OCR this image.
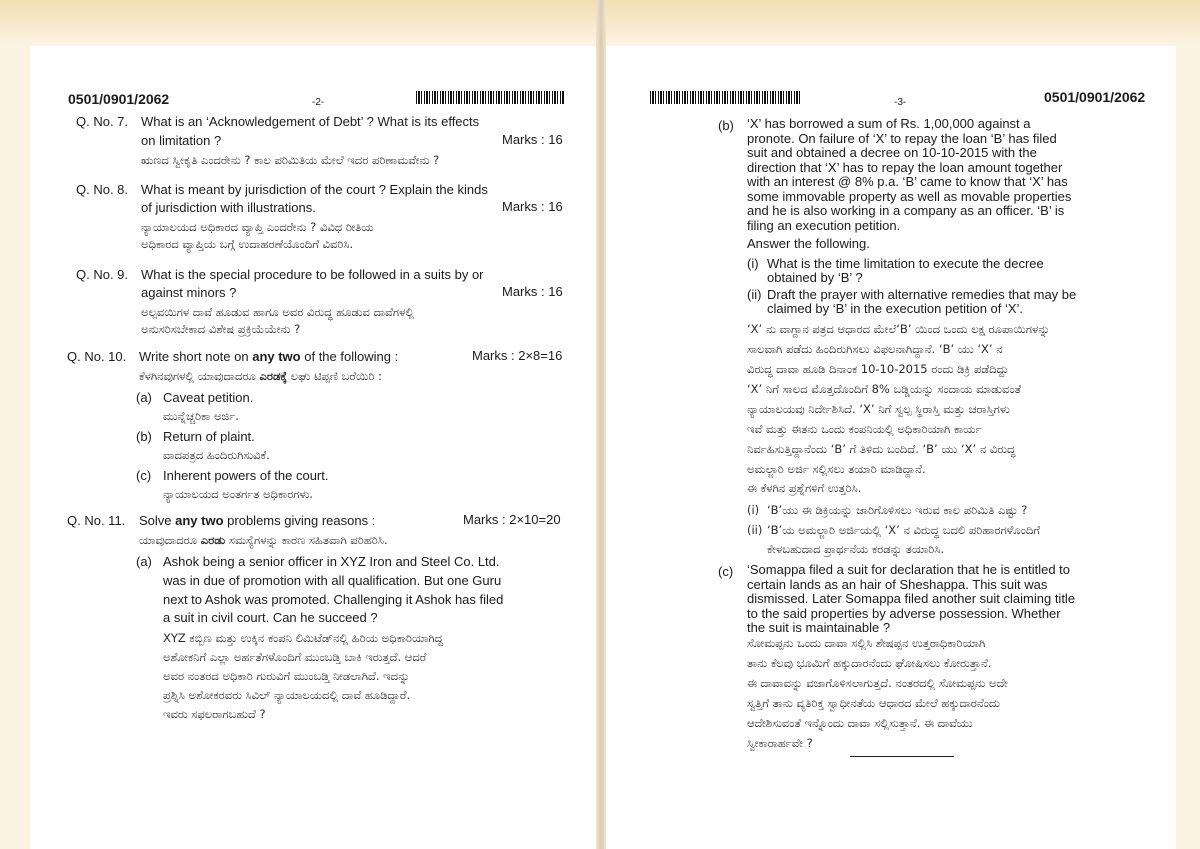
0501/0901/2062	-2-
Q. No. 7. What is an ‘Acknowledgement of Debt’ ? What is its effects
on limitation ?	Marks : 16
ಋಣದ ಸ್ವೀಕೃತಿ ಎಂದರೇನು ? ಕಾಲ ಪರಿಮಿತಿಯ ಮೇಲೆ ಇದರ ಪರಿಣಾಮವೇನು ?
Q. No. 8. What is meant by jurisdiction of the court ? Explain the kinds
of jurisdiction with illustrations.	Marks : 16
ನ್ಯಾಯಾಲಯದ ಅಧಿಕಾರದ ವ್ಯಾಪ್ತಿ ಎಂದರೇನು ? ವಿವಿಧ ರೀತಿಯ
ಅಧಿಕಾರದ ವ್ಯಾಪ್ತಿಯ ಬಗ್ಗೆ ಉದಾಹರಣೆಯೊಂದಿಗೆ ವಿವರಿಸಿ.
Q. No. 9. What is the special procedure to be followed in a suits by or
against minors ?	Marks : 16
ಅಲ್ಪವಯಿಗಳ ದಾವೆ ಹೂಡುವ ಹಾಗೂ ಅವರ ವಿರುದ್ಧ ಹೂಡುವ ದಾವೆಗಳಲ್ಲಿ
ಅನುಸರಿಸಬೇಕಾದ ವಿಶೇಷ ಪ್ರಕ್ರಿಯೆಯೇನು ?
Q. No. 10. Write short note on any two of the following :	Marks : 2×8=16
ಕೆಳಗಿನವುಗಳಲ್ಲಿ ಯಾವುದಾದರೂ ಎರಡಕ್ಕೆ ಲಘು ಟಿಪ್ಪಣಿ ಬರೆಯಿರಿ :
(a) Caveat petition.
ಮುನ್ನೆಚ್ಚರಿಕಾ ಅರ್ಜಿ.
(b) Return of plaint.
ವಾದಪತ್ರದ ಹಿಂದಿರುಗಿಸುವಿಕೆ.
(c) Inherent powers of the court.
ನ್ಯಾಯಾಲಯದ ಅಂತರ್ಗತ ಅಧಿಕಾರಗಳು.
Q. No. 11. Solve any two problems giving reasons :	Marks : 2×10=20
ಯಾವುದಾದರೂ ಎರಡು ಸಮಸ್ಯೆಗಳನ್ನು ಕಾರಣ ಸಹಿತವಾಗಿ ಪರಿಹರಿಸಿ.
(a) Ashok being a senior officer in XYZ Iron and Steel Co. Ltd.
was in due of promotion with all qualification. But one Guru
next to Ashok was promoted. Challenging it Ashok has filed
a suit in civil court. Can he succeed ?
XYZ ಕಬ್ಬಿಣ ಮತ್ತು ಉಕ್ಕಿನ ಕಂಪನಿ ಲಿಮಿಟೆಡ್‌ನಲ್ಲಿ ಹಿರಿಯ ಅಧಿಕಾರಿಯಾಗಿದ್ದ
ಅಶೋಕನಿಗೆ ಎಲ್ಲಾ ಅರ್ಹತೆಗಳೊಂದಿಗೆ ಮುಂಬಡ್ತಿ ಬಾಕಿ ಇರುತ್ತದೆ. ಆದರೆ
ಅವರ ನಂತರದ ಅಧಿಕಾರಿ ಗುರುವಿಗೆ ಮುಂಬಡ್ತಿ ನೀಡಲಾಗಿದೆ. ಇದನ್ನು
ಪ್ರಶ್ನಿಸಿ ಅಶೋಕರವರು ಸಿವಿಲ್ ನ್ಯಾಯಾಲಯದಲ್ಲಿ ದಾವೆ ಹೂಡಿದ್ದಾರೆ.
ಇವರು ಸಫಲರಾಗಬಹುದೆ ?
-3-	0501/0901/2062
(b) ‘X’ has borrowed a sum of Rs. 1,00,000 against a pronote. On failure of ‘X’ to repay the loan ‘B’ has filed suit and obtained a decree on 10-10-2015 with the direction that ‘X’ has to repay the loan amount together with an interest @ 8% p.a. ‘B’ came to know that ‘X’ has some immovable property as well as movable properties and he is also working in a company as an officer. ‘B’ is filing an execution petition.
Answer the following.
(i) What is the time limitation to execute the decree
obtained by ‘B’ ?
(ii) Draft the prayer with alternative remedies that may be
claimed by ‘B’ in the execution petition of ‘X’.
‘X’ ನು ವಾಗ್ದಾನ ಪತ್ರದ ಆಧಾರದ ಮೇಲೆ‘B’ ಯಿಂದ ಒಂದು ಲಕ್ಷ ರೂಪಾಯಿಗಳನ್ನು
ಸಾಲವಾಗಿ ಪಡೆದು ಹಿಂದಿರುಗಿಸಲು ವಿಫಲನಾಗಿದ್ದಾನೆ. ‘B’ ಯು ‘X’ ನ
ವಿರುದ್ಧ ದಾವಾ ಹೂಡಿ ದಿನಾಂಕ 10-10-2015 ರಂದು ಡಿಕ್ರಿ ಪಡೆದಿದ್ದು
‘X’ ನಿಗೆ ಸಾಲದ ಮೊತ್ತದೊಂದಿಗೆ 8% ಬಡ್ಡಿಯನ್ನು ಸಂದಾಯ ಮಾಡುವಂತೆ
ನ್ಯಾಯಾಲಯವು ನಿರ್ದೇಶಿಸಿದೆ. ‘X’ ನಿಗೆ ಸ್ವಲ್ಪ ಸ್ಥಿರಾಸ್ತಿ ಮತ್ತು ಚರಾಸ್ತಿಗಳು
ಇವೆ ಮತ್ತು ಈತನು ಒಂದು ಕಂಪನಿಯಲ್ಲಿ ಅಧಿಕಾರಿಯಾಗಿ ಕಾರ್ಯ
ನಿರ್ವಹಿಸುತ್ತಿದ್ದಾನೆಂದು ‘B’ ಗೆ ತಿಳಿದು ಬಂದಿದೆ. ‘B’ ಯು ‘X’ ನ ವಿರುದ್ಧ
ಅಮಲ್ಜಾರಿ ಅರ್ಜಿ ಸಲ್ಲಿಸಲು ತಯಾರಿ ಮಾಡಿದ್ದಾನೆ.
ಈ ಕೆಳಗಿನ ಪ್ರಶ್ನೆಗಳಿಗೆ ಉತ್ತರಿಸಿ.
(i) ‘B’ಯು ಈ ಡಿಕ್ರಿಯನ್ನು ಜಾರಿಗೊಳಿಸಲು ಇರುವ ಕಾಲ ಪರಿಮಿತಿ ಎಷ್ಟು ?
(ii) ‘B’ಯ ಅಮಲ್ಜಾರಿ ಅರ್ಜಿಯಲ್ಲಿ ‘X’ ನ ವಿರುದ್ಧ ಬದಲಿ ಪರಿಹಾರಗಳೊಂದಿಗೆ
ಕೇಳಬಹುದಾದ ಪ್ರಾರ್ಥನೆಯ ಕರಡನ್ನು ತಯಾರಿಸಿ.
(c) ‘Somappa filed a suit for declaration that he is entitled to certain lands as an hair of Sheshappa. This suit was dismissed. Later Somappa filed another suit claiming title to the said properties by adverse possession. Whether the suit is maintainable ?
ಸೋಮಪ್ಪನು ಒಂದು ದಾವಾ ಸಲ್ಲಿಸಿ ಶೇಷಪ್ಪನ ಉತ್ತರಾಧಿಕಾರಿಯಾಗಿ
ತಾನು ಕೆಲವು ಭೂಮಿಗೆ ಹಕ್ಕುದಾರನೆಂದು ಘೋಷಿಸಲು ಕೋರುತ್ತಾನೆ.
ಈ ದಾವಾವನ್ನು ವಜಾಗೊಳಿಸಲಾಗುತ್ತದೆ. ನಂತರದಲ್ಲಿ ಸೋಮಪ್ಪನು ಅದೇ
ಸ್ವತ್ತಿಗೆ ತಾನು ವ್ಯತಿರಿಕ್ತ ಸ್ವಾಧೀನತೆಯ ಆಧಾರದ ಮೇಲೆ ಹಕ್ಕುದಾರನೆಂದು
ಆದೇಶಿಸುವಂತೆ ಇನ್ನೊಂದು ದಾವಾ ಸಲ್ಲಿಸುತ್ತಾನೆ. ಈ ದಾವೆಯು
ಸ್ವೀಕಾರಾರ್ಹವೇ ?
